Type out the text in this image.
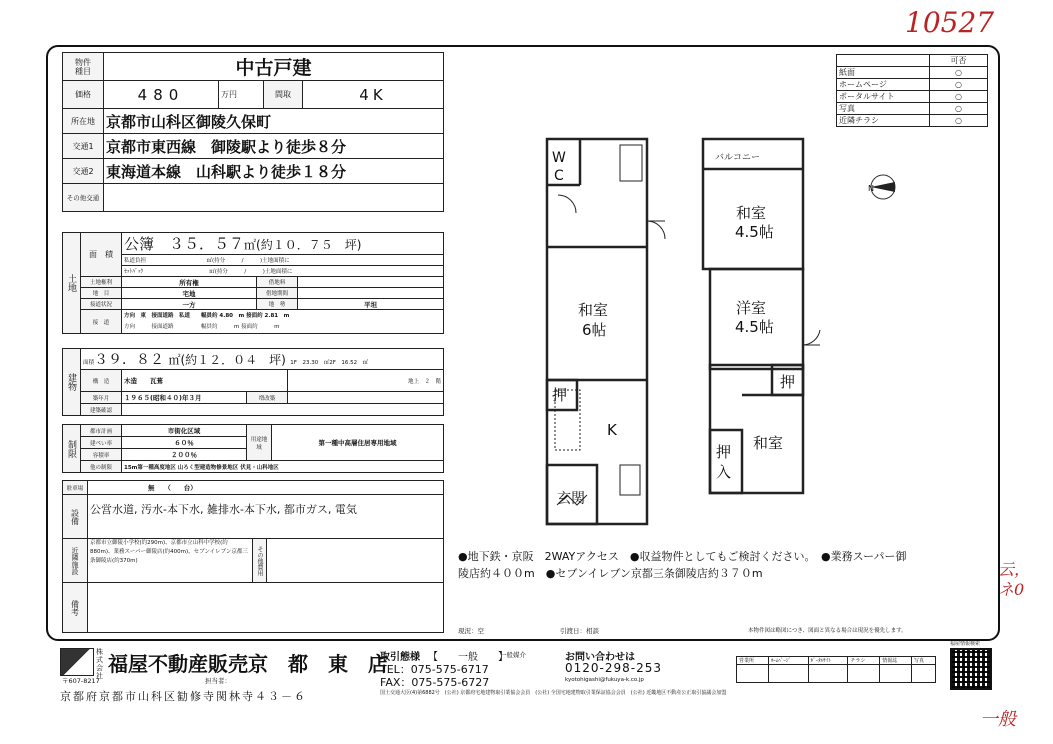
10527
云，ネ0
一般
物件
種目	中古戸建			
価格	480	万円	間取	4K
所在地	京都市山科区御陵久保町			
交通1	京都市東西線　御陵駅より徒歩８分			
交通2	東海道本線　山科駅より徒歩１８分			
その他交通				
土地	面　積	公簿　３５．５７㎡(約１０．７５　坪)		
		私道負担　　　　　　　　　　　 ㎡(持分　　　/　　　)土地面積に		
		ｾｯﾄﾊﾞｯｸ　　　　　　　　　　　　 ㎡(持分　　　/　　　)土地面積に		
	土地権利	所有権	借地料	
	地　目	宅地	借地期間	
	接道状況	一方	地　勢	平坦
	接　道	方向　東　接面道路　私道　　幅員約 4.80　m 接面約 2.81　m
方向　　　接面道路　　　　　幅員約　　　m 接面約　　　m		
建物	面積３９．８２ ㎡(約１２．０４　坪) 1F　23.30　㎡2F　16.52　㎡			
	構　造	木造　　瓦葺		地上　２　階
	築年月	１９６５(昭和４０)年３月	増改築	
	建築確認			
制限	都市計画	市街化区域	用途地域	第一種中高層住居専用地域
	建ぺい率	６０％		
	容積率	２００％		
	他の制限	15m第一種高度地区 山ろく型建造物修景地区 伏見・山科地区		
駐車場	無　　（　　台）		
設備	公営水道, 汚水-本下水, 雑排水-本下水, 都市ガス, 電気		
近隣施設	京都市立御陵小学校(約290m)、京都市立山科中学校(約880m)、業務スーパー御陵店(約400m)、セブンイレブン京都三条御陵店(約370m)	その他費用	
備考			
	可否
紙面	○
ホームページ	○
ポータルサイト	○
写真	○
近隣チラシ	○
W
C
和室
6帖
押
K
玄関
バルコニー
和室
4.5帖
洋室
4.5帖
押
押
入
和室
N
●地下鉄・京阪　2WAYアクセス　●収益物件としてもご検討ください。　●業務スーパー御
陵店約４００m　●セブンイレブン京都三条御陵店約３７０m
現況：空	引渡日：相談	本物件図は略図につき、図面と異なる場合は現況を優先します。
株式会社 福屋不動産販売 京　都　東　店
〒607-8217	担当者：
京都府京都市山科区勧修寺関林寺４３－６
取引態様 【　　一般　　】
一般媒介
TEL：075-575-6717
FAX：075-575-6727
お問い合わせは
0120-298-253
kyotohigashi@fukuya-k.co.jp
国土交通大臣(4)第6882号　(公社) 京都府宅地建物取引業協会会員　(公社) 全国宅地建物取引業保証協会会員　(公社) 近畿地区不動産公正取引協議会加盟
営業所	ﾎｰﾑﾍﾟｰｼﾞ	ﾎﾟｰﾀﾙｻｲﾄ	チラシ	情報誌	写真

福屋情報検索
